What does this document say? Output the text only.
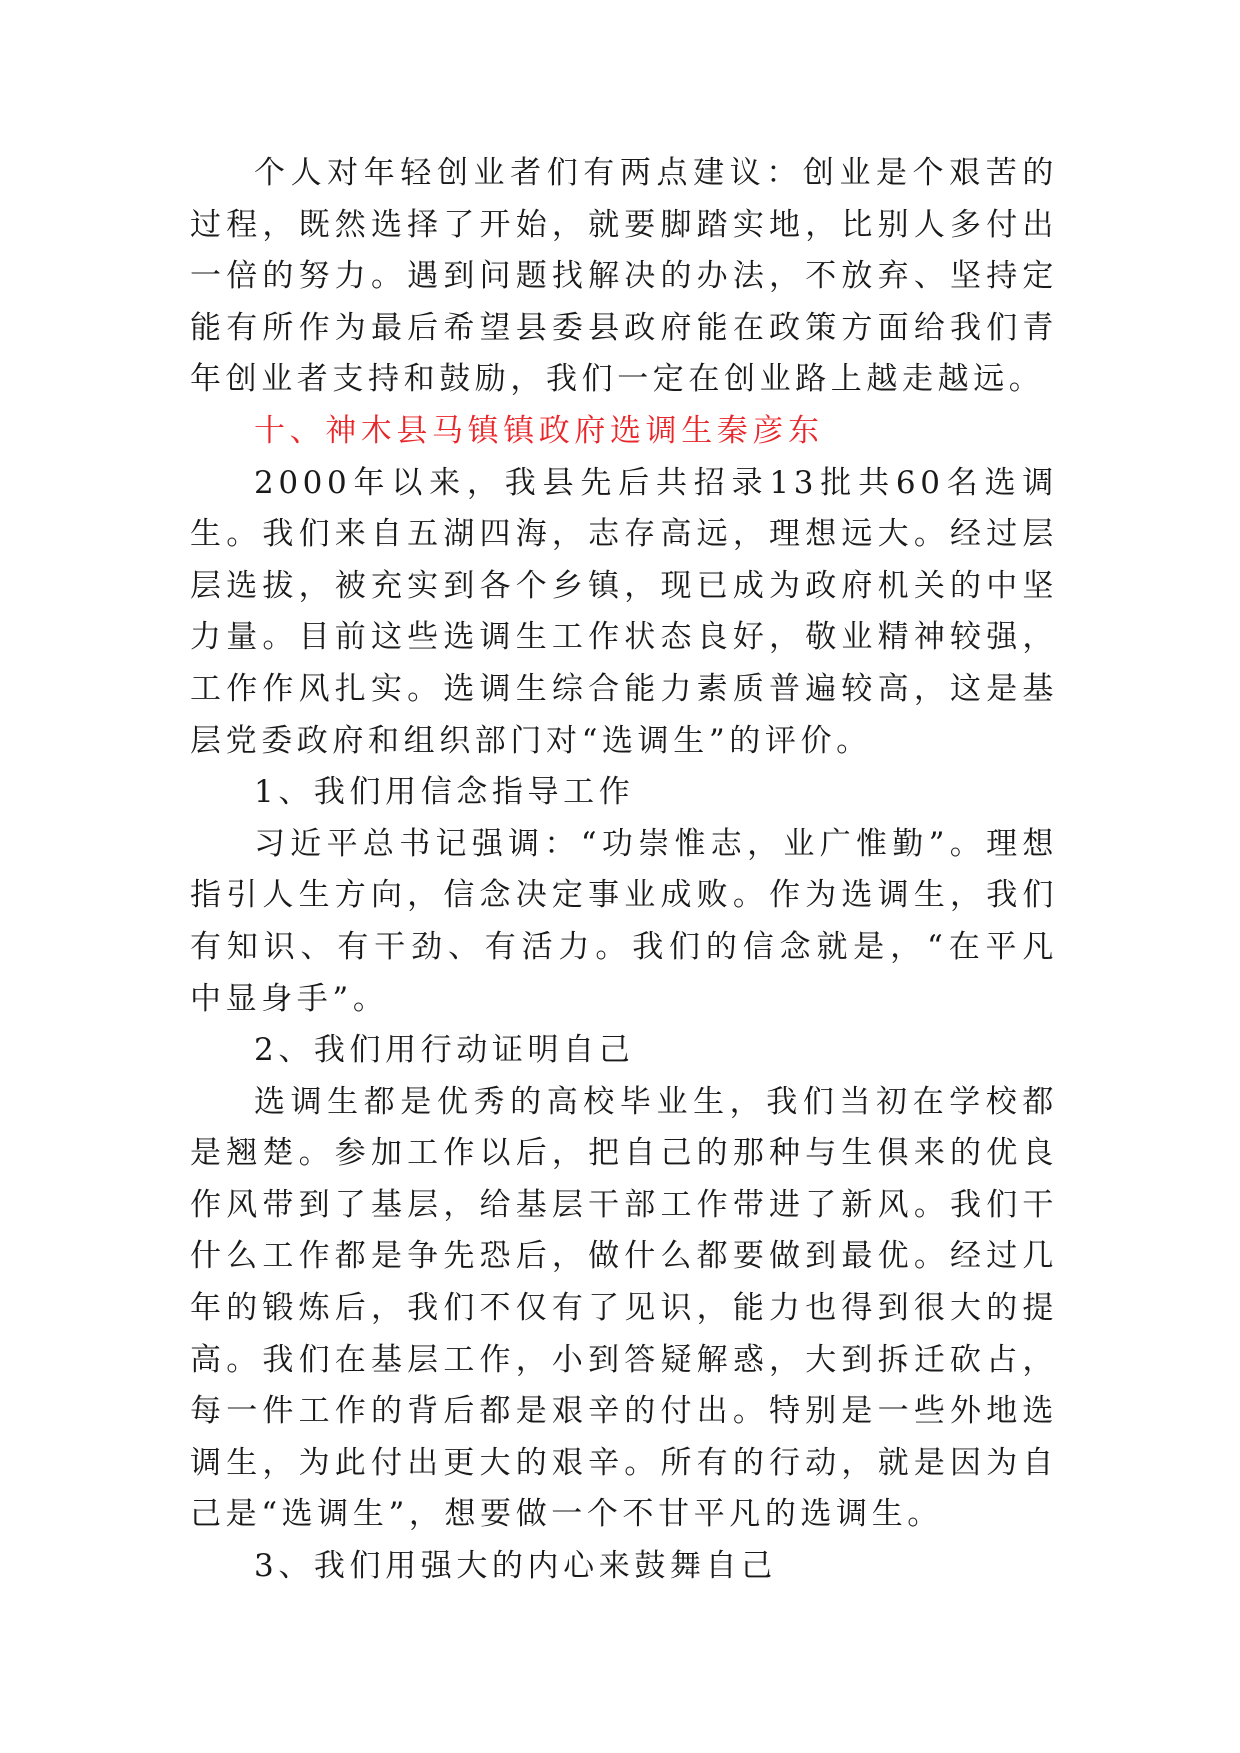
个人对年轻创业者们有两点建议：创业是个艰苦的过程，既然选择了开始，就要脚踏实地，比别人多付出一倍的努力。遇到问题找解决的办法，不放弃、坚持定能有所作为最后希望县委县政府能在政策方面给我们青年创业者支持和鼓励，我们一定在创业路上越走越远。

十、神木县马镇镇政府选调生秦彦东

2000年以来，我县先后共招录13批共60名选调生。我们来自五湖四海，志存高远，理想远大。经过层层选拔，被充实到各个乡镇，现已成为政府机关的中坚力量。目前这些选调生工作状态良好，敬业精神较强，工作作风扎实。选调生综合能力素质普遍较高，这是基层党委政府和组织部门对“选调生”的评价。

1、我们用信念指导工作

习近平总书记强调：“功崇惟志，业广惟勤”。理想指引人生方向，信念决定事业成败。作为选调生，我们有知识、有干劲、有活力。我们的信念就是，“在平凡中显身手”。

2、我们用行动证明自己

选调生都是优秀的高校毕业生，我们当初在学校都是翘楚。参加工作以后，把自己的那种与生俱来的优良作风带到了基层，给基层干部工作带进了新风。我们干什么工作都是争先恐后，做什么都要做到最优。经过几年的锻炼后，我们不仅有了见识，能力也得到很大的提高。我们在基层工作，小到答疑解惑，大到拆迁砍占，每一件工作的背后都是艰辛的付出。特别是一些外地选调生，为此付出更大的艰辛。所有的行动，就是因为自己是“选调生”，想要做一个不甘平凡的选调生。

3、我们用强大的内心来鼓舞自己
